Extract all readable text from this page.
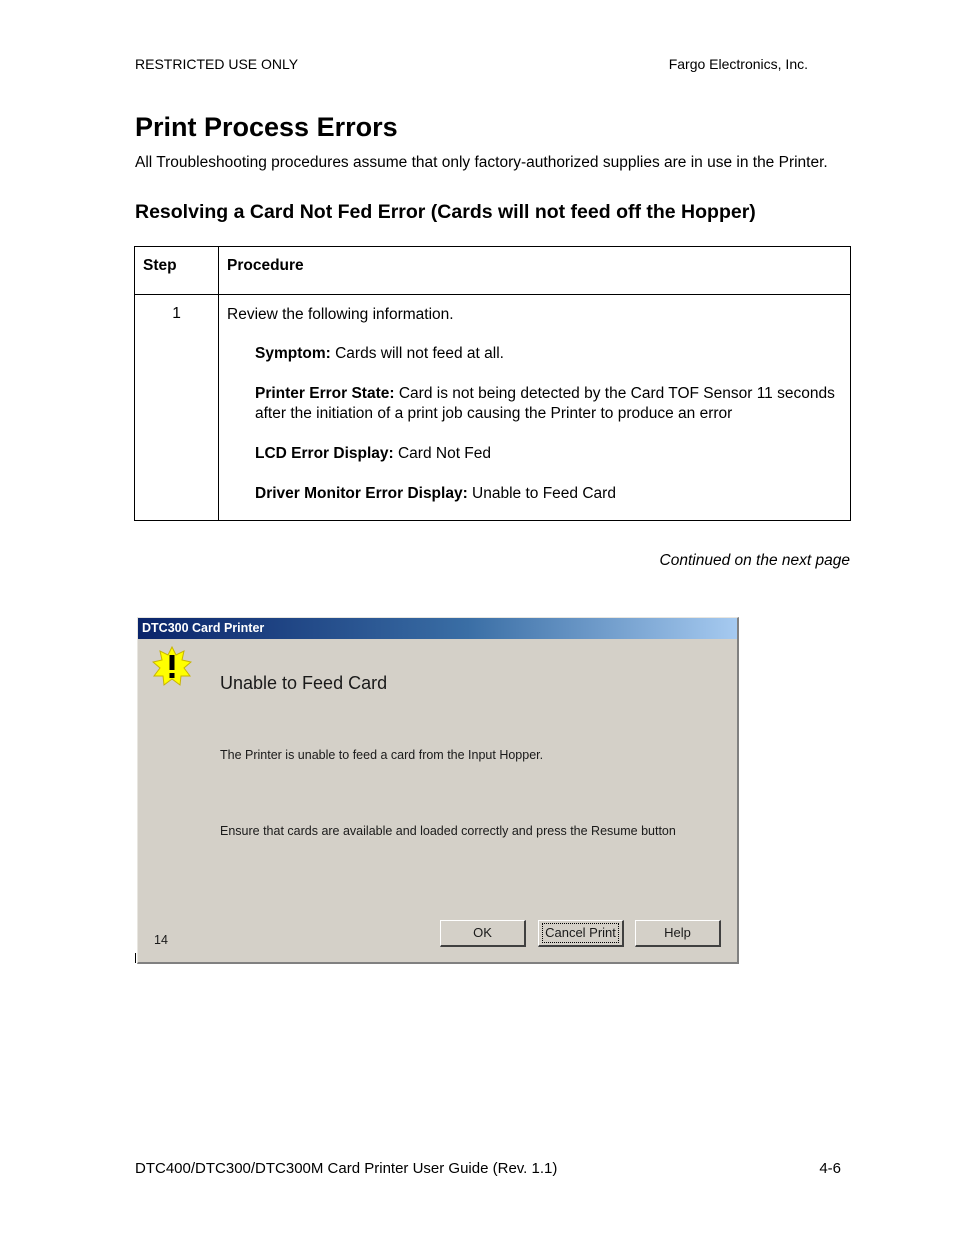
RESTRICTED USE ONLY	Fargo Electronics, Inc.
Print Process Errors
All Troubleshooting procedures assume that only factory-authorized supplies are in use in the Printer.
Resolving a Card Not Fed Error (Cards will not feed off the Hopper)
Step	Procedure
1	Review the following information.

Symptom: Cards will not feed at all.

Printer Error State: Card is not being detected by the Card TOF Sensor 11 seconds after the initiation of a print job causing the Printer to produce an error

LCD Error Display: Card Not Fed

Driver Monitor Error Display: Unable to Feed Card

Continued on the next page
DTC300 Card Printer
Unable to Feed Card
The Printer is unable to feed a card from the Input Hopper.
Ensure that cards are available and loaded correctly and press the Resume button
14	OK	Cancel Print	Help
DTC400/DTC300/DTC300M Card Printer User Guide (Rev. 1.1)	4-6
